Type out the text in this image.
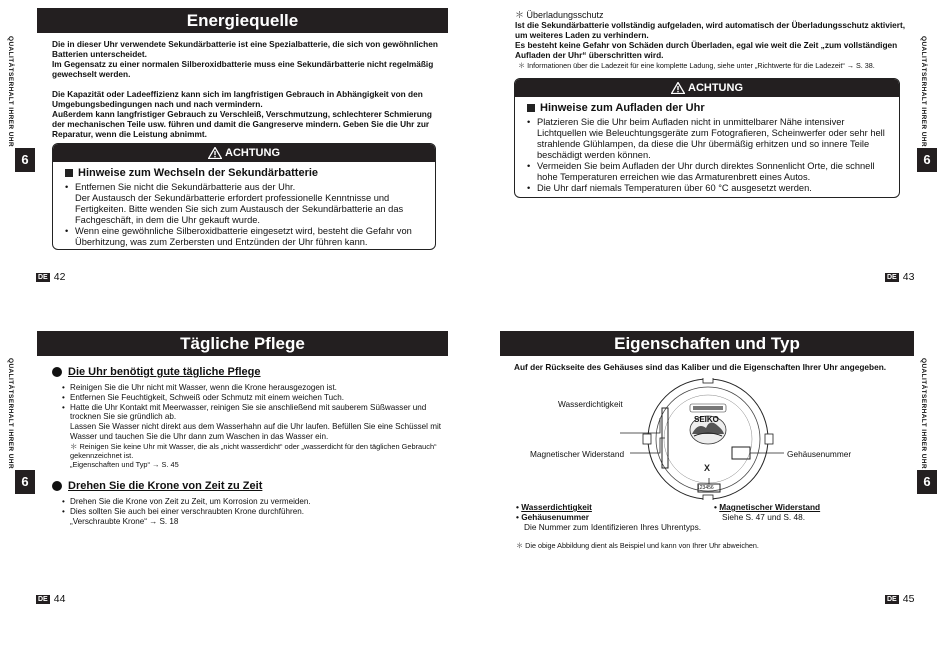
Energiequelle
QUALITÄTSERHALT IHRER UHR
6

Die in dieser Uhr verwendete Sekundärbatterie ist eine Spezialbatterie, die sich von gewöhnlichen Batterien unterscheidet.

Im Gegensatz zu einer normalen Silberoxidbatterie muss eine Sekundärbatterie nicht regelmäßig gewechselt werden.

Die Kapazität oder Ladeeffizienz kann sich im langfristigen Gebrauch in Abhängigkeit von den Umgebungsbedingungen nach und nach vermindern.

Außerdem kann langfristiger Gebrauch zu Verschleiß, Verschmutzung, schlechterer Schmierung der mechanischen Teile usw. führen und damit die Gangreserve mindern. Geben Sie die Uhr zur Reparatur, wenn die Leistung abnimmt.

ACHTUNG
Hinweise zum Wechseln der Sekundärbatterie
• Entfernen Sie nicht die Sekundärbatterie aus der Uhr.
Der Austausch der Sekundärbatterie erfordert professionelle Kenntnisse und Fertigkeiten. Bitte wenden Sie sich zum Austausch der Sekundärbatterie an das Fachgeschäft, in dem die Uhr gekauft wurde.
• Wenn eine gewöhnliche Silberoxidbatterie eingesetzt wird, besteht die Gefahr von Überhitzung, was zum Zerbersten und Entzünden der Uhr führen kann.
DE 42

＊ Überladungsschutz

Ist die Sekundärbatterie vollständig aufgeladen, wird automatisch der Überladungsschutz aktiviert, um weiteres Laden zu verhindern.

Es besteht keine Gefahr von Schäden durch Überladen, egal wie weit die Zeit „zum vollständigen Aufladen der Uhr“ überschritten wird.

＊ Informationen über die Ladezeit für eine komplette Ladung, siehe unter „Richtwerte für die Ladezeit“ → S. 38.	QUALITÄTSERHALT IHRER UHR
6
ACHTUNG
Hinweise zum Aufladen der Uhr
• Platzieren Sie die Uhr beim Aufladen nicht in unmittelbarer Nähe intensiver Lichtquellen wie Beleuchtungsgeräte zum Fotografieren, Scheinwerfer oder sehr hell strahlende Glühlampen, da diese die Uhr übermäßig erhitzen und so innere Teile beschädigt werden können.
• Vermeiden Sie beim Aufladen der Uhr durch direktes Sonnenlicht Orte, die schnell hohe Temperaturen erreichen wie das Armaturenbrett eines Autos.
• Die Uhr darf niemals Temperaturen über 60 °C ausgesetzt werden.
DE 43
Tägliche Pflege
QUALITÄTSERHALT IHRER UHR
6
Die Uhr benötigt gute tägliche Pflege
• Reinigen Sie die Uhr nicht mit Wasser, wenn die Krone herausgezogen ist.
• Entfernen Sie Feuchtigkeit, Schweiß oder Schmutz mit einem weichen Tuch.
• Hatte die Uhr Kontakt mit Meerwasser, reinigen Sie sie anschließend mit sauberem Süßwasser und trocknen Sie sie gründlich ab.
Lassen Sie Wasser nicht direkt aus dem Wasserhahn auf die Uhr laufen. Befüllen Sie eine Schüssel mit Wasser und tauchen Sie die Uhr dann zum Waschen in das Wasser ein.

＊ Reinigen Sie keine Uhr mit Wasser, die als „nicht wasserdicht“ oder „wasserdicht für den täglichen Gebrauch“ gekennzeichnet ist.

„Eigenschaften und Typ“ → S. 45

Drehen Sie die Krone von Zeit zu Zeit
• Drehen Sie die Krone von Zeit zu Zeit, um Korrosion zu vermeiden.
• Dies sollten Sie auch bei einer verschraubten Krone durchführen.
„Verschraubte Krone“ → S. 18
DE 44
Eigenschaften und Typ
QUALITÄTSERHALT IHRER UHR
6

Auf der Rückseite des Gehäuses sind das Kaliber und die Eigenschaften Ihrer Uhr angegeben.

X
SEIKO
123456
Wasserdichtigkeit
Magnetischer Widerstand	Gehäusenummer
• Wasserdichtigkeit
• Gehäusenummer
Die Nummer zum Identifizieren Ihres Uhrentyps.
• Magnetischer Widerstand
Siehe S. 47 und S. 48.

＊ Die obige Abbildung dient als Beispiel und kann von Ihrer Uhr abweichen.

DE 45
